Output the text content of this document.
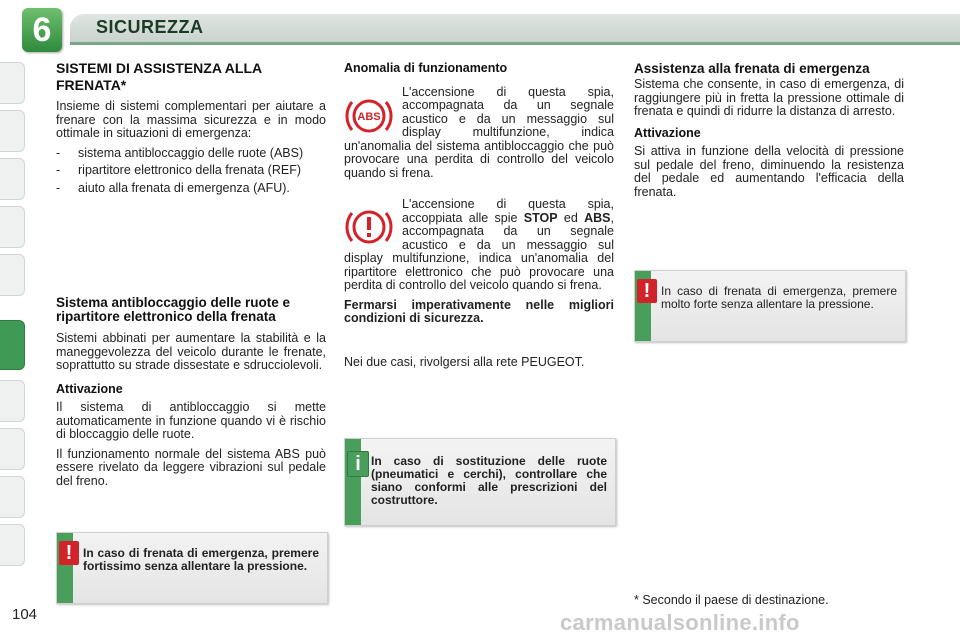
6	SICUREZZA
SISTEMI DI ASSISTENZA ALLA
FRENATA*

Insieme di sistemi complementari per aiutare a frenare con la massima sicurezza e in modo ottimale in situazioni di emergenza:

- sistema antibloccaggio delle ruote (ABS)
- ripartitore elettronico della frenata (REF)
- aiuto alla frenata di emergenza (AFU).
Sistema antibloccaggio delle ruote e ripartitore elettronico della frenata

Sistemi abbinati per aumentare la stabilità e la maneggevolezza del veicolo durante le frenate, soprattutto su strade dissestate e sdrucciolevoli.

Attivazione

Il sistema di antibloccaggio si mette automaticamente in funzione quando vi è rischio di bloccaggio delle ruote.

Il funzionamento normale del sistema ABS può essere rivelato da leggere vibrazioni sul pedale del freno.

! In caso di frenata di emergenza, premere fortissimo senza allentare la pressione.
Anomalia di funzionamento
ABS

L'accensione di questa spia, accompagnata da un segnale acustico e da un messaggio sul display multifunzione, indica un'anomalia del sistema antibloccaggio che può provocare una perdita di controllo del veicolo quando si frena.

L'accensione di questa spia, accoppiata alle spie STOP ed ABS, accompagnata da un segnale acustico e da un messaggio sul display multifunzione, indica un'anomalia del ripartitore elettronico che può provocare una perdita di controllo del veicolo quando si frena.

Fermarsi imperativamente nelle migliori condizioni di sicurezza.

Nei due casi, rivolgersi alla rete PEUGEOT.

i In caso di sostituzione delle ruote (pneumatici e cerchi), controllare che siano conformi alle prescrizioni del costruttore.
Assistenza alla frenata di emergenza

Sistema che consente, in caso di emergenza, di raggiungere più in fretta la pressione ottimale di frenata e quindi di ridurre la distanza di arresto.

Attivazione

Si attiva in funzione della velocità di pressione sul pedale del freno, diminuendo la resistenza del pedale ed aumentando l'efficacia della frenata.

! In caso di frenata di emergenza, premere molto forte senza allentare la pressione.
* Secondo il paese di destinazione.
104	carmanualsonline.info
